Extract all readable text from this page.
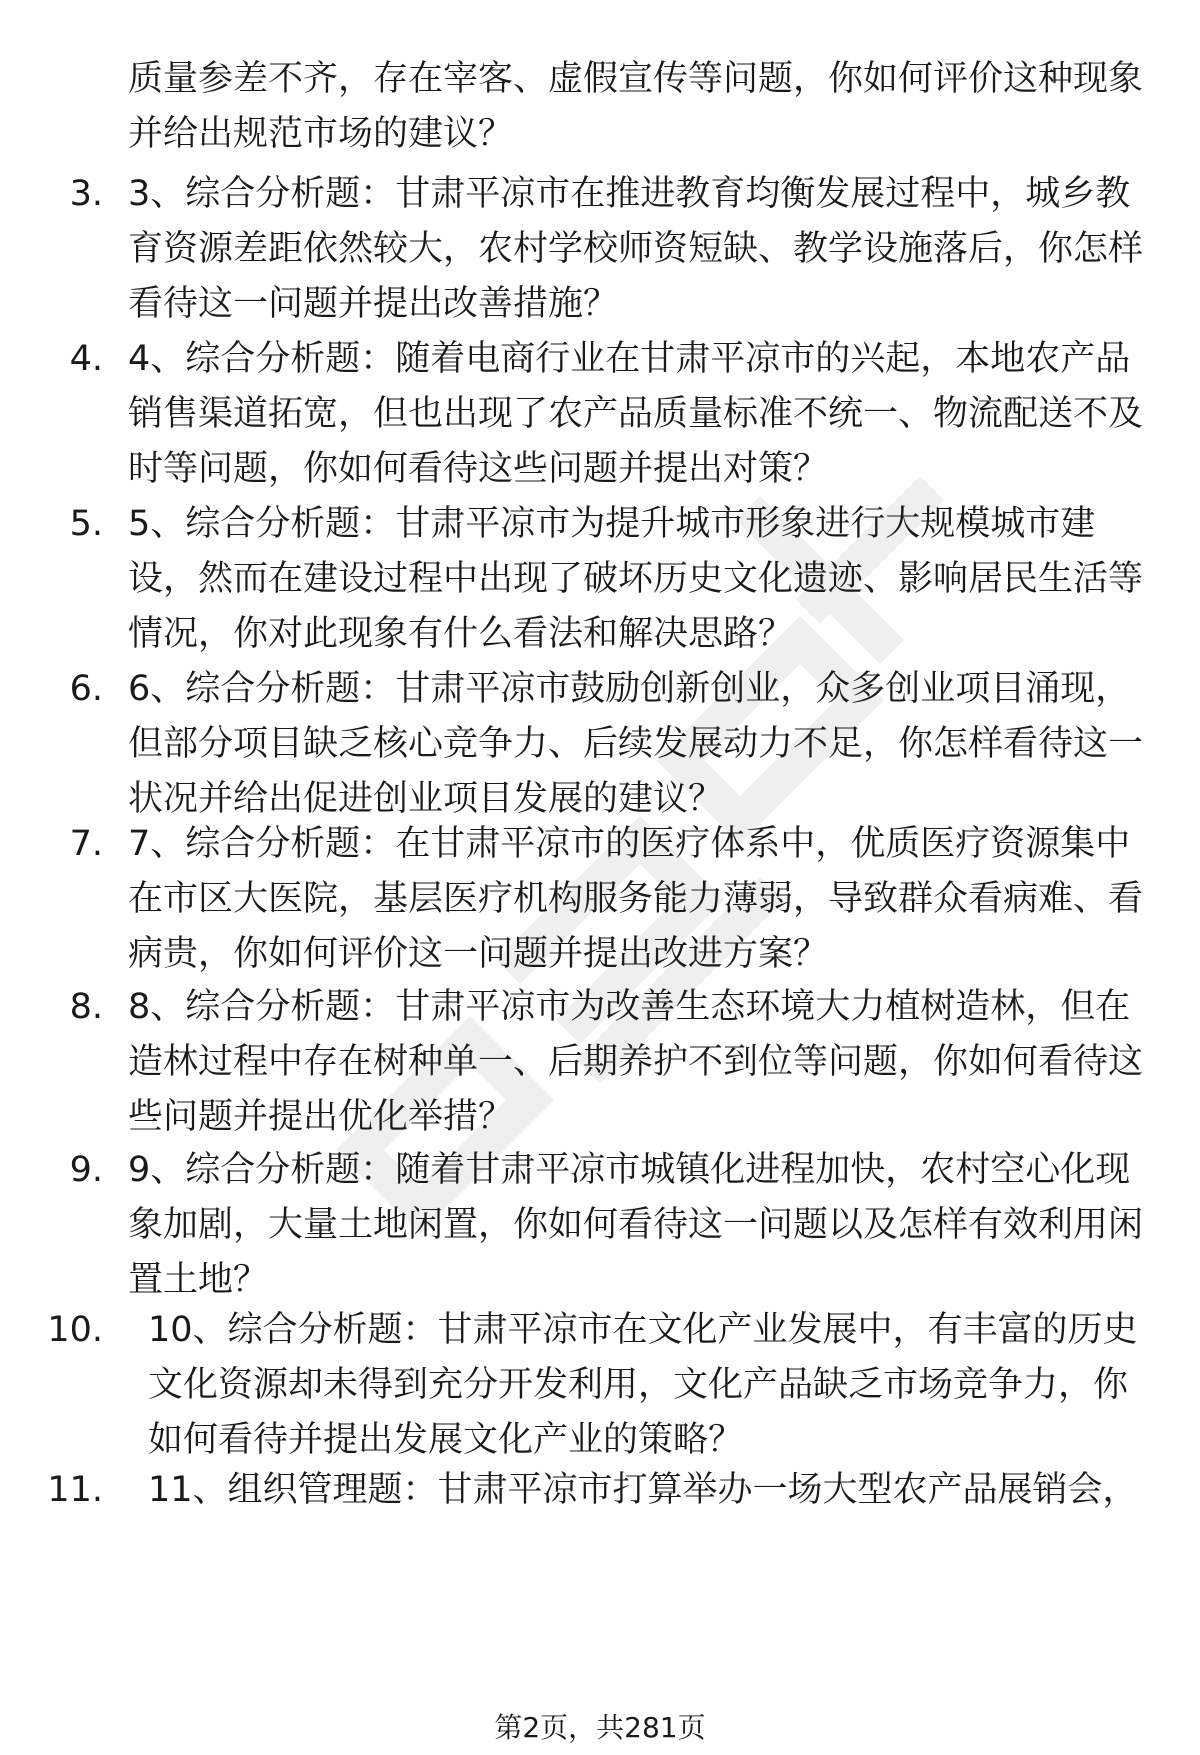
质量参差不齐，存在宰客、虚假宣传等问题，你如何评价这种现象并给出规范市场的建议？
3. 3、综合分析题：甘肃平凉市在推进教育均衡发展过程中，城乡教育资源差距依然较大，农村学校师资短缺、教学设施落后，你怎样看待这一问题并提出改善措施？
4. 4、综合分析题：随着电商行业在甘肃平凉市的兴起，本地农产品销售渠道拓宽，但也出现了农产品质量标准不统一、物流配送不及时等问题，你如何看待这些问题并提出对策？
5. 5、综合分析题：甘肃平凉市为提升城市形象进行大规模城市建设，然而在建设过程中出现了破坏历史文化遗迹、影响居民生活等情况，你对此现象有什么看法和解决思路？
6. 6、综合分析题：甘肃平凉市鼓励创新创业，众多创业项目涌现，但部分项目缺乏核心竞争力、后续发展动力不足，你怎样看待这一状况并给出促进创业项目发展的建议？
7. 7、综合分析题：在甘肃平凉市的医疗体系中，优质医疗资源集中在市区大医院，基层医疗机构服务能力薄弱，导致群众看病难、看病贵，你如何评价这一问题并提出改进方案？
8. 8、综合分析题：甘肃平凉市为改善生态环境大力植树造林，但在造林过程中存在树种单一、后期养护不到位等问题，你如何看待这些问题并提出优化举措？
9. 9、综合分析题：随着甘肃平凉市城镇化进程加快，农村空心化现象加剧，大量土地闲置，你如何看待这一问题以及怎样有效利用闲置土地？
10. 10、综合分析题：甘肃平凉市在文化产业发展中，有丰富的历史文化资源却未得到充分开发利用，文化产品缺乏市场竞争力，你如何看待并提出发展文化产业的策略？
11. 11、组织管理题：甘肃平凉市打算举办一场大型农产品展销会，
第2页，共281页
